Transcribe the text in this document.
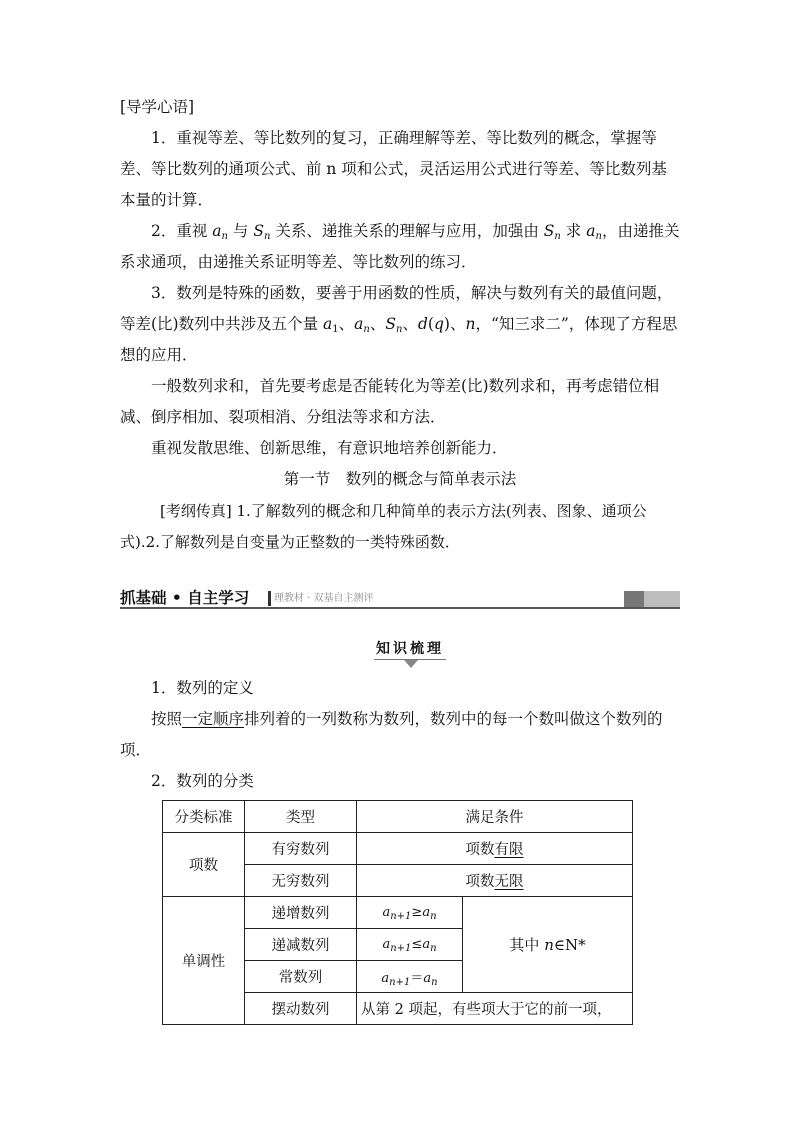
[导学心语]

1．重视等差、等比数列的复习，正确理解等差、等比数列的概念，掌握等差、等比数列的通项公式、前 n 项和公式，灵活运用公式进行等差、等比数列基本量的计算．

2．重视 $a_n$ 与 $S_n$ 关系、递推关系的理解与应用，加强由 $S_n$ 求 $a_n$，由递推关系求通项，由递推关系证明等差、等比数列的练习．

3．数列是特殊的函数，要善于用函数的性质，解决与数列有关的最值问题，等差(比)数列中共涉及五个量 $a_1$、$a_n$、$S_n$、d(q)、n，“知三求二”，体现了方程思想的应用．

一般数列求和，首先要考虑是否能转化为等差(比)数列求和，再考虑错位相减、倒序相加、裂项相消、分组法等求和方法．

重视发散思维、创新思维，有意识地培养创新能力．

第一节　数列的概念与简单表示法

[考纲传真] 1.了解数列的概念和几种简单的表示方法(列表、图象、通项公式).2.了解数列是自变量为正整数的一类特殊函数．

抓基础 • 自主学习 理教材 · 双基自主测评
知识梳理
1．数列的定义

按照一定顺序排列着的一列数称为数列，数列中的每一个数叫做这个数列的项．

2．数列的分类
分类标准	类型	满足条件	
项数	有穷数列	项数有限	
	无穷数列	项数无限	
单调性	递增数列	$a_{n+1}\ge a_n$	其中 n∈N*
	递减数列	$a_{n+1}\le a_n$
	常数列	$a_{n+1}=a_n$
	摆动数列	从第 2 项起，有些项大于它的前一项，	
